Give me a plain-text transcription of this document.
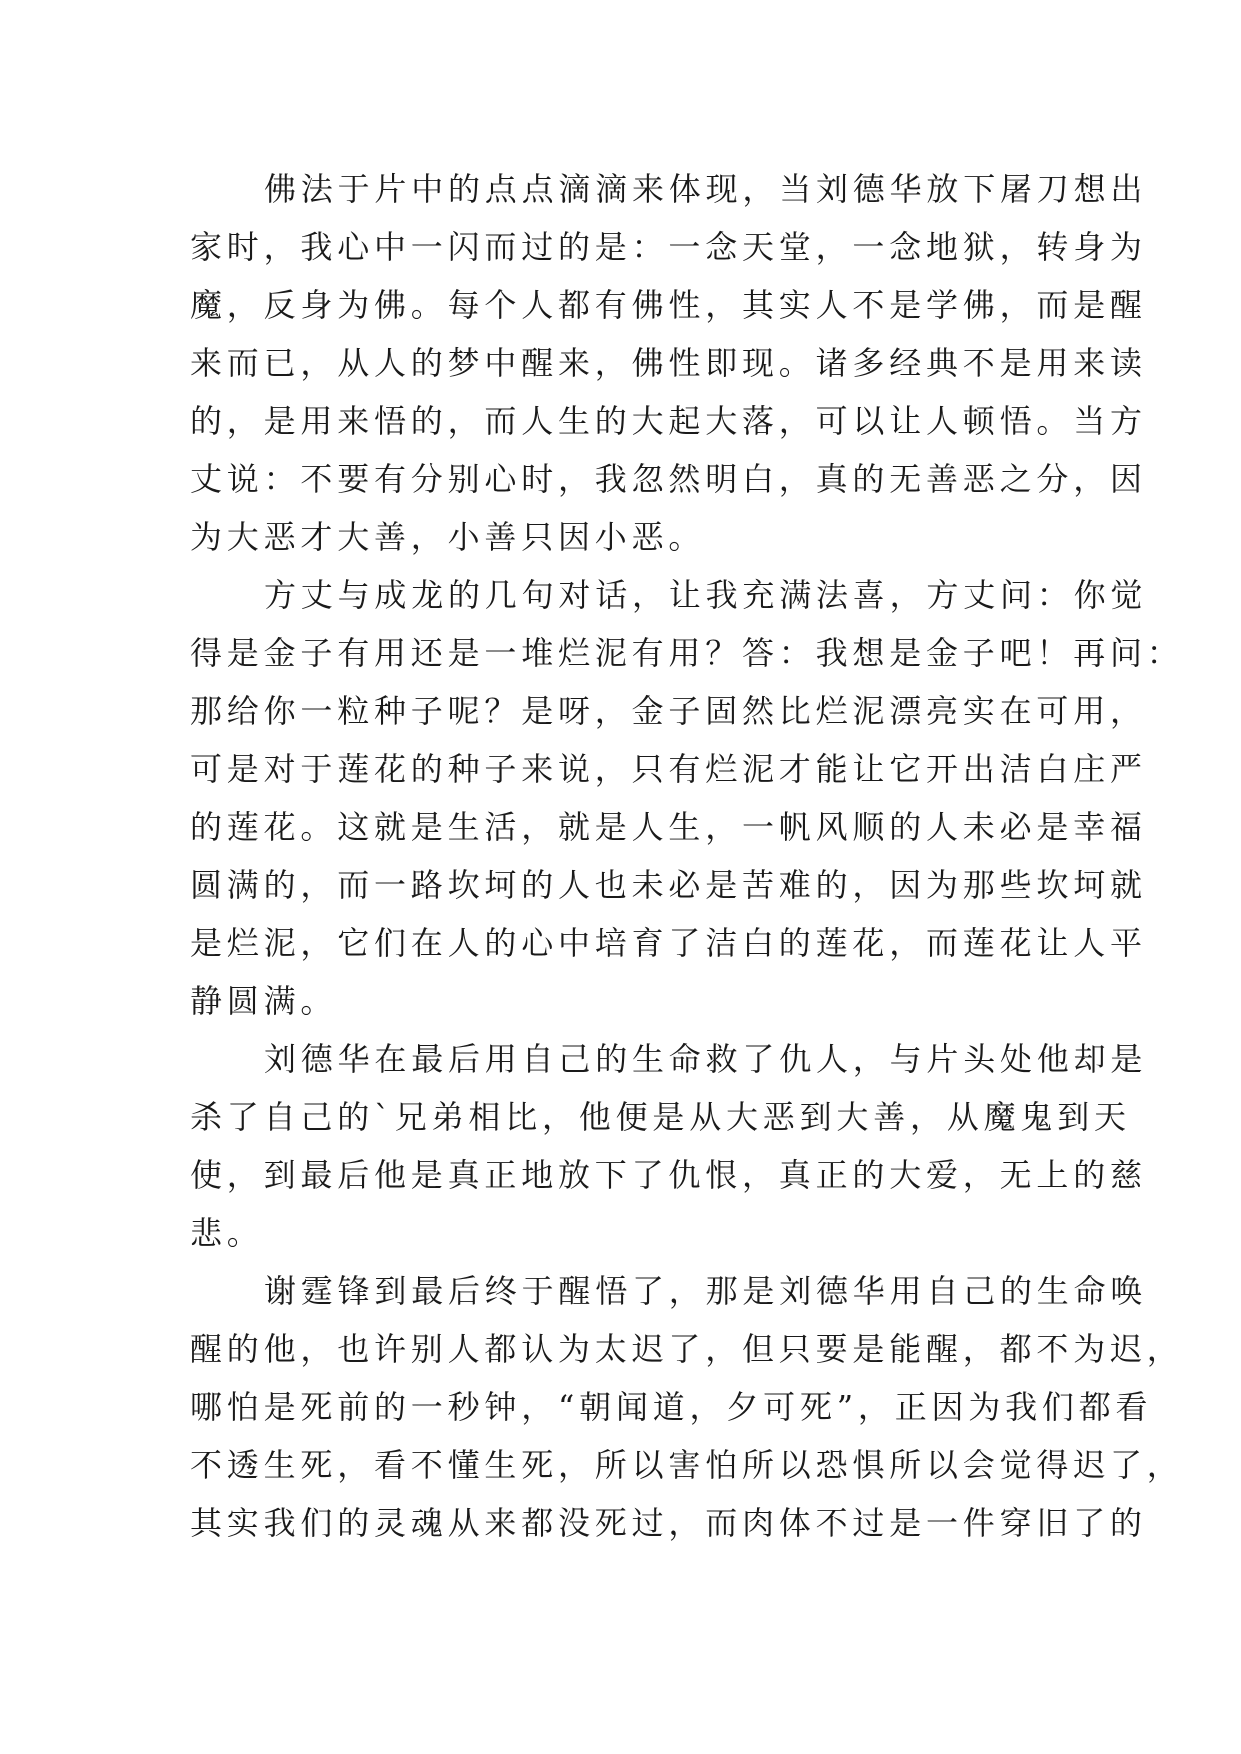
佛法于片中的点点滴滴来体现，当刘德华放下屠刀想出
家时，我心中一闪而过的是：一念天堂，一念地狱，转身为
魔，反身为佛。每个人都有佛性，其实人不是学佛，而是醒
来而已，从人的梦中醒来，佛性即现。诸多经典不是用来读
的，是用来悟的，而人生的大起大落，可以让人顿悟。当方
丈说：不要有分别心时，我忽然明白，真的无善恶之分，因
为大恶才大善，小善只因小恶。

方丈与成龙的几句对话，让我充满法喜，方丈问：你觉
得是金子有用还是一堆烂泥有用？答：我想是金子吧！再问：
那给你一粒种子呢？是呀，金子固然比烂泥漂亮实在可用，
可是对于莲花的种子来说，只有烂泥才能让它开出洁白庄严
的莲花。这就是生活，就是人生，一帆风顺的人未必是幸福
圆满的，而一路坎坷的人也未必是苦难的，因为那些坎坷就
是烂泥，它们在人的心中培育了洁白的莲花，而莲花让人平
静圆满。

刘德华在最后用自己的生命救了仇人，与片头处他却是
杀了自己的`兄弟相比，他便是从大恶到大善，从魔鬼到天
使，到最后他是真正地放下了仇恨，真正的大爱，无上的慈
悲。

谢霆锋到最后终于醒悟了，那是刘德华用自己的生命唤
醒的他，也许别人都认为太迟了，但只要是能醒，都不为迟，
哪怕是死前的一秒钟，“朝闻道，夕可死”，正因为我们都看
不透生死，看不懂生死，所以害怕所以恐惧所以会觉得迟了，
其实我们的灵魂从来都没死过，而肉体不过是一件穿旧了的
